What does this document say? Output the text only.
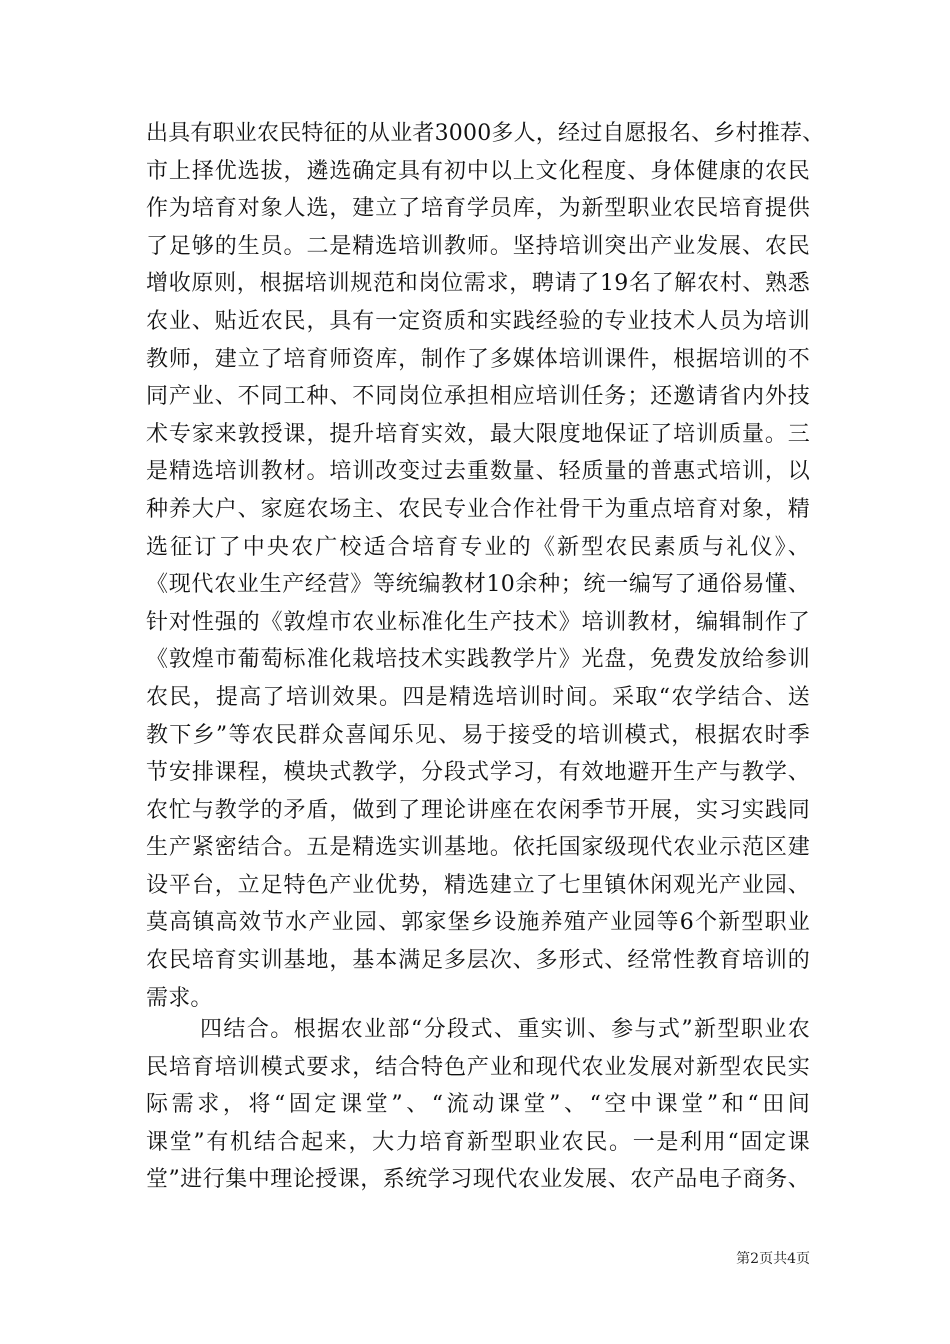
出具有职业农民特征的从业者3000多人，经过自愿报名、乡村推荐、
市上择优选拔，遴选确定具有初中以上文化程度、身体健康的农民
作为培育对象人选，建立了培育学员库，为新型职业农民培育提供
了足够的生员。二是精选培训教师。坚持培训突出产业发展、农民
增收原则，根据培训规范和岗位需求，聘请了19名了解农村、熟悉
农业、贴近农民，具有一定资质和实践经验的专业技术人员为培训
教师，建立了培育师资库，制作了多媒体培训课件，根据培训的不
同产业、不同工种、不同岗位承担相应培训任务；还邀请省内外技
术专家来敦授课，提升培育实效，最大限度地保证了培训质量。三
是精选培训教材。培训改变过去重数量、轻质量的普惠式培训，以
种养大户、家庭农场主、农民专业合作社骨干为重点培育对象，精
选征订了中央农广校适合培育专业的《新型农民素质与礼仪》、
《现代农业生产经营》等统编教材10余种；统一编写了通俗易懂、
针对性强的《敦煌市农业标准化生产技术》培训教材，编辑制作了
《敦煌市葡萄标准化栽培技术实践教学片》光盘，免费发放给参训
农民，提高了培训效果。四是精选培训时间。采取“农学结合、送
教下乡”等农民群众喜闻乐见、易于接受的培训模式，根据农时季
节安排课程，模块式教学，分段式学习，有效地避开生产与教学、
农忙与教学的矛盾，做到了理论讲座在农闲季节开展，实习实践同
生产紧密结合。五是精选实训基地。依托国家级现代农业示范区建
设平台，立足特色产业优势，精选建立了七里镇休闲观光产业园、
莫高镇高效节水产业园、郭家堡乡设施养殖产业园等6个新型职业
农民培育实训基地，基本满足多层次、多形式、经常性教育培训的
需求。
四结合。根据农业部“分段式、重实训、参与式”新型职业农
民培育培训模式要求，结合特色产业和现代农业发展对新型农民实
际需求，将“固定课堂”、“流动课堂”、“空中课堂”和“田间
课堂”有机结合起来，大力培育新型职业农民。一是利用“固定课
堂”进行集中理论授课，系统学习现代农业发展、农产品电子商务、
第2页共4页
